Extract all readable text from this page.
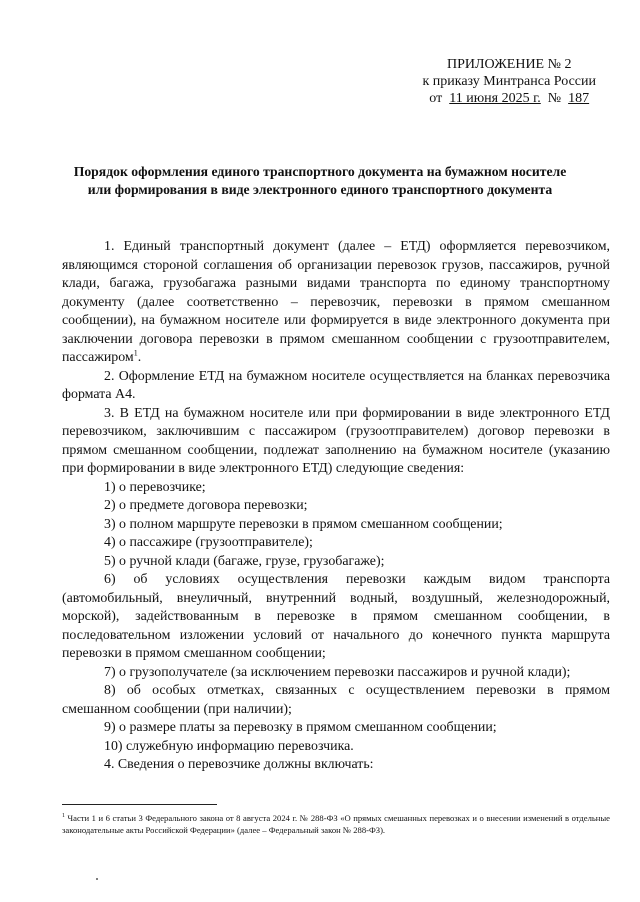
ПРИЛОЖЕНИЕ № 2
к приказу Минтранса России
от 11 июня 2025 г. № 187
Порядок оформления единого транспортного документа на бумажном носителе
или формирования в виде электронного единого транспортного документа

1. Единый транспортный документ (далее – ЕТД) оформляется перевозчиком, являющимся стороной соглашения об организации перевозок грузов, пассажиров, ручной клади, багажа, грузобагажа разными видами транспорта по единому транспортному документу (далее соответственно – перевозчик, перевозки в прямом смешанном сообщении), на бумажном носителе или формируется в виде электронного документа при заключении договора перевозки в прямом смешанном сообщении с грузоотправителем, пассажиром$^1$.

2. Оформление ЕТД на бумажном носителе осуществляется на бланках перевозчика формата А4.

3. В ЕТД на бумажном носителе или при формировании в виде электронного ЕТД перевозчиком, заключившим с пассажиром (грузоотправителем) договор перевозки в прямом смешанном сообщении, подлежат заполнению на бумажном носителе (указанию при формировании в виде электронного ЕТД) следующие сведения:

1) о перевозчике;

2) о предмете договора перевозки;

3) о полном маршруте перевозки в прямом смешанном сообщении;

4) о пассажире (грузоотправителе);

5) о ручной клади (багаже, грузе, грузобагаже);

6) об условиях осуществления перевозки каждым видом транспорта (автомобильный, внеуличный, внутренний водный, воздушный, железнодорожный, морской), задействованным в перевозке в прямом смешанном сообщении, в последовательном изложении условий от начального до конечного пункта маршрута перевозки в прямом смешанном сообщении;

7) о грузополучателе (за исключением перевозки пассажиров и ручной клади);

8) об особых отметках, связанных с осуществлением перевозки в прямом смешанном сообщении (при наличии);

9) о размере платы за перевозку в прямом смешанном сообщении;

10) служебную информацию перевозчика.

4. Сведения о перевозчике должны включать:

$^1$ Части 1 и 6 статьи 3 Федерального закона от 8 августа 2024 г. № 288-ФЗ «О прямых смешанных перевозках и о внесении изменений в отдельные законодательные акты Российской Федерации» (далее – Федеральный закон № 288-ФЗ).
